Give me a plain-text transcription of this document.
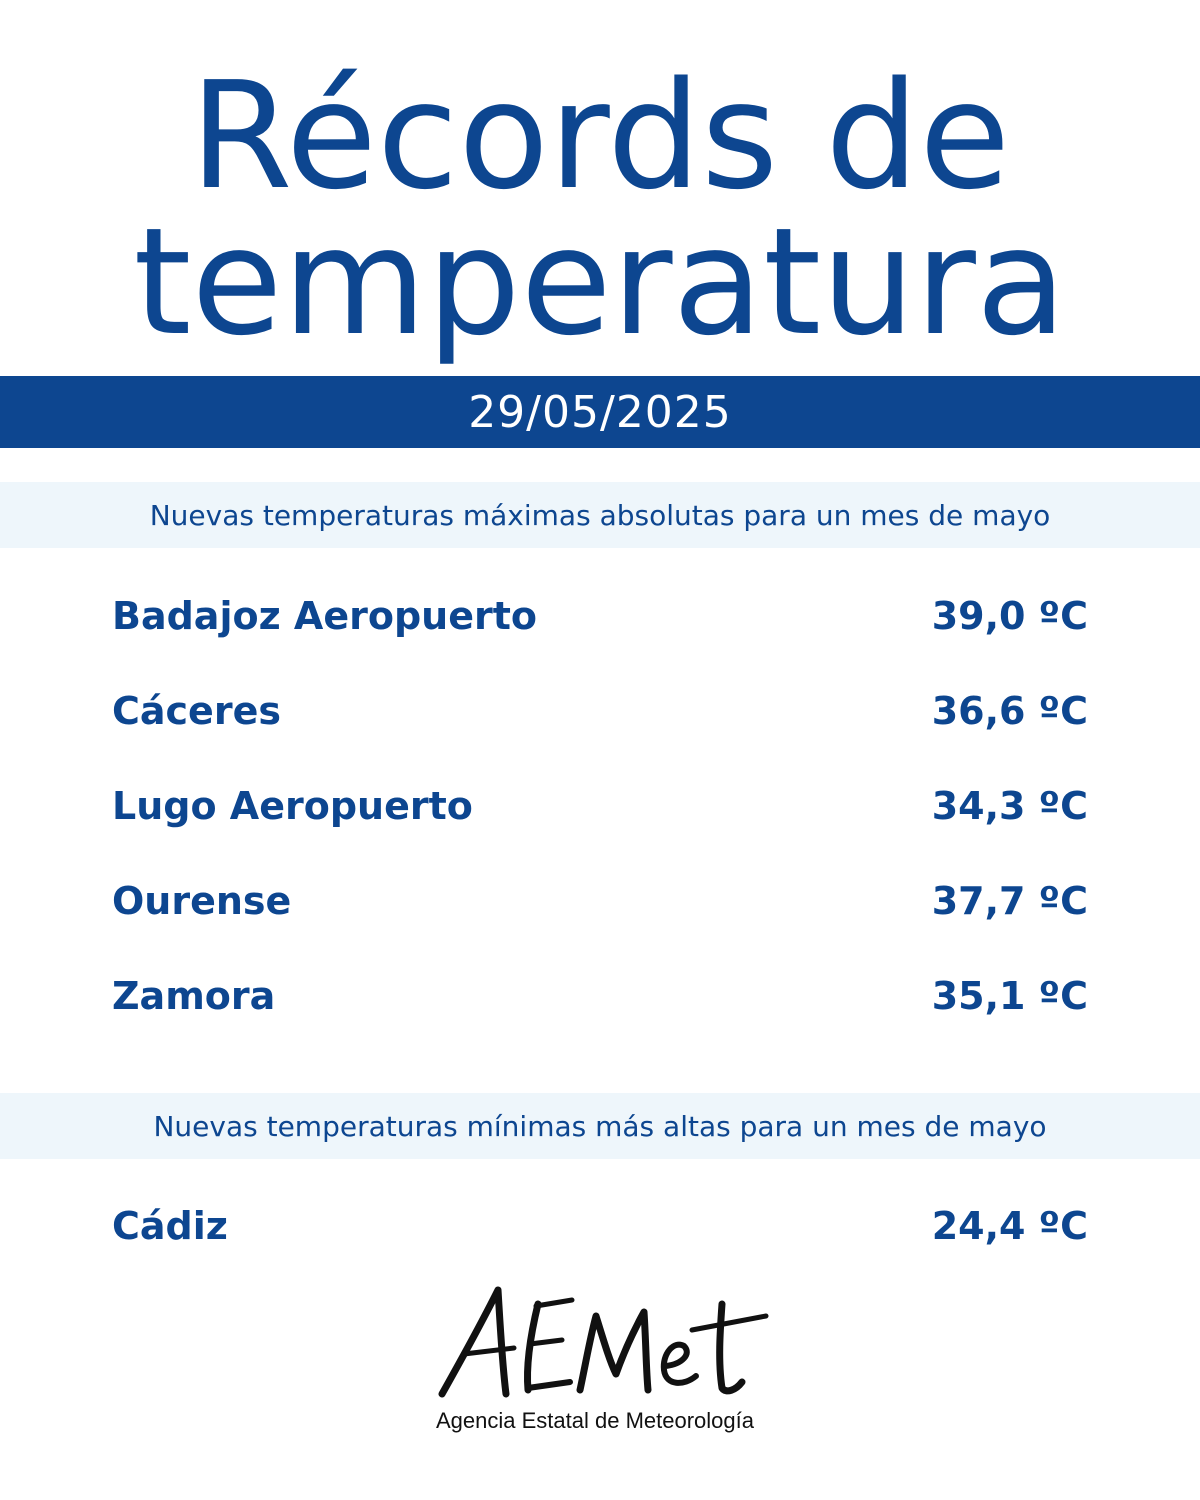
Récords de
temperatura
29/05/2025
Nuevas temperaturas máximas absolutas para un mes de mayo
Badajoz Aeropuerto	39,0 ºC
Cáceres	36,6 ºC
Lugo Aeropuerto	34,3 ºC
Ourense	37,7 ºC
Zamora	35,1 ºC
Nuevas temperaturas mínimas más altas para un mes de mayo
Cádiz	24,4 ºC
Agencia Estatal de Meteorología
